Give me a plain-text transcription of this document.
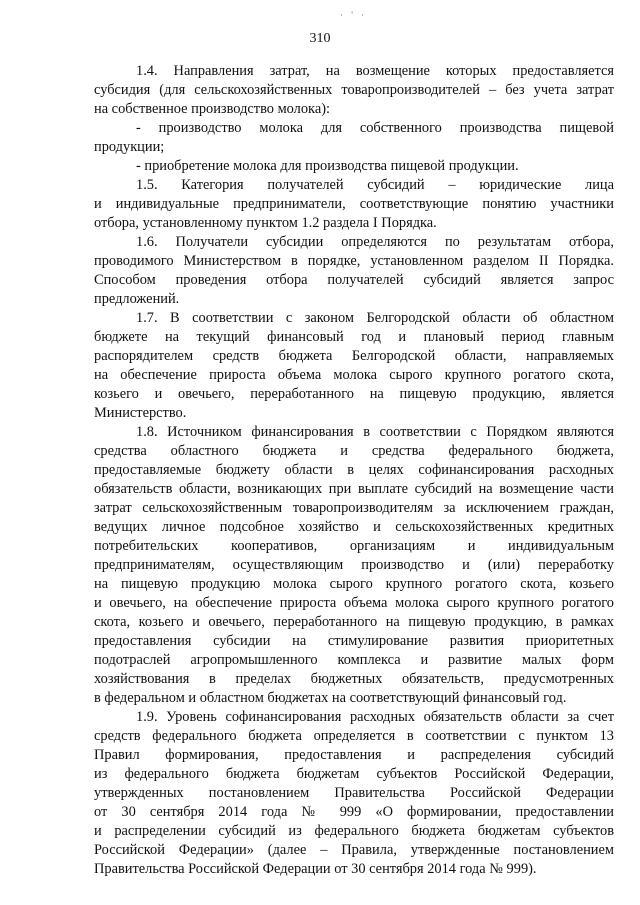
· ' ·
310
1.4. Направления затрат, на возмещение которых предоставляется
субсидия (для сельскохозяйственных товаропроизводителей – без учета затрат
на собственное производство молока):
- производство молока для собственного производства пищевой
продукции;
- приобретение молока для производства пищевой продукции.
1.5. Категория получателей субсидий – юридические лица
и индивидуальные предприниматели, соответствующие понятию участники
отбора, установленному пунктом 1.2 раздела I Порядка.
1.6. Получатели субсидии определяются по результатам отбора,
проводимого Министерством в порядке, установленном разделом II Порядка.
Способом проведения отбора получателей субсидий является запрос
предложений.
1.7. В соответствии с законом Белгородской области об областном
бюджете на текущий финансовый год и плановый период главным
распорядителем средств бюджета Белгородской области, направляемых
на обеспечение прироста объема молока сырого крупного рогатого скота,
козьего и овечьего, переработанного на пищевую продукцию, является
Министерство.
1.8. Источником финансирования в соответствии с Порядком являются
средства областного бюджета и средства федерального бюджета,
предоставляемые бюджету области в целях софинансирования расходных
обязательств области, возникающих при выплате субсидий на возмещение части
затрат сельскохозяйственным товаропроизводителям за исключением граждан,
ведущих личное подсобное хозяйство и сельскохозяйственных кредитных
потребительских кооперативов, организациям и индивидуальным
предпринимателям, осуществляющим производство и (или) переработку
на пищевую продукцию молока сырого крупного рогатого скота, козьего
и овечьего, на обеспечение прироста объема молока сырого крупного рогатого
скота, козьего и овечьего, переработанного на пищевую продукцию, в рамках
предоставления субсидии на стимулирование развития приоритетных
подотраслей агропромышленного комплекса и развитие малых форм
хозяйствования в пределах бюджетных обязательств, предусмотренных
в федеральном и областном бюджетах на соответствующий финансовый год.
1.9. Уровень софинансирования расходных обязательств области за счет
средств федерального бюджета определяется в соответствии с пунктом 13
Правил формирования, предоставления и распределения субсидий
из федерального бюджета бюджетам субъектов Российской Федерации,
утвержденных постановлением Правительства Российской Федерации
от 30 сентября 2014 года № 999 «О формировании, предоставлении
и распределении субсидий из федерального бюджета бюджетам субъектов
Российской Федерации» (далее – Правила, утвержденные постановлением
Правительства Российской Федерации от 30 сентября 2014 года № 999).
